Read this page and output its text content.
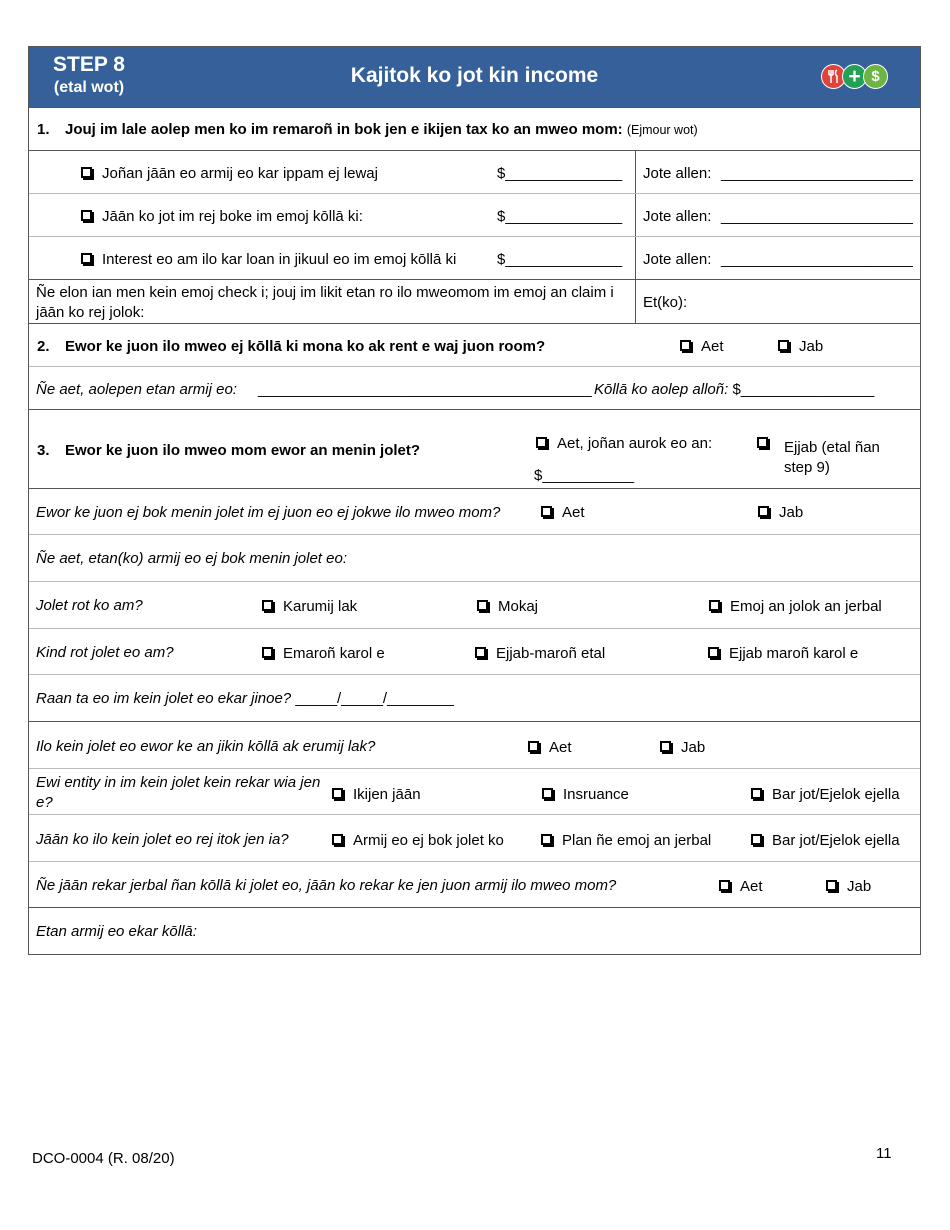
STEP 8
(etal wot)
Kajitok ko jot kin income	+ $
1. Jouj im lale aolep men ko im remaroñ in bok jen e ikijen tax ko an mweo mom: (Ejmour wot)
Joñan jāān eo armij eo kar ippam ej lewaj	$______________ Jote allen: _______________________
Jāān ko jot im rej boke im emoj kōllā ki:	$______________ Jote allen: _______________________
Interest eo am ilo kar loan in jikuul eo im emoj kōllā ki	$______________ Jote allen: _______________________
Ñe elon ian men kein emoj check i; jouj im likit etan ro ilo mweomom im emoj an claim i jāān ko rej jolok:
Et(ko):
2. Ewor ke juon ilo mweo ej kōllā ki mona ko ak rent e waj juon room?	Aet	Jab
Ñe aet, aolepen etan armij eo: ________________________________________ Kōllā ko aolep alloñ: $________________
3. Ewor ke juon ilo mweo mom ewor an menin jolet?	Aet, joñan aurok eo an:
$___________
Ejjab (etal ñan step 9)
Ewor ke juon ej bok menin jolet im ej juon eo ej jokwe ilo mweo mom?	Aet	Jab
Ñe aet, etan(ko) armij eo ej bok menin jolet eo:
Jolet rot ko am?	Karumij lak	Mokaj	Emoj an jolok an jerbal
Kind rot jolet eo am?	Emaroñ karol e	Ejjab-maroñ etal	Ejjab maroñ karol e
Raan ta eo im kein jolet eo ekar jinoe? _____/_____/________
Ilo kein jolet eo ewor ke an jikin kōllā ak erumij lak?	Aet	Jab
Ewi entity in im kein jolet kein rekar wia jen e?	Ikijen jāān	Insruance	Bar jot/Ejelok ejella
Jāān ko ilo kein jolet eo rej itok jen ia?	Armij eo ej bok jolet ko	Plan ñe emoj an jerbal	Bar jot/Ejelok ejella
Ñe jāān rekar jerbal ñan kōllā ki jolet eo, jāān ko rekar ke jen juon armij ilo mweo mom?	Aet	Jab
Etan armij eo ekar kōllā:
DCO-0004 (R. 08/20)	11
